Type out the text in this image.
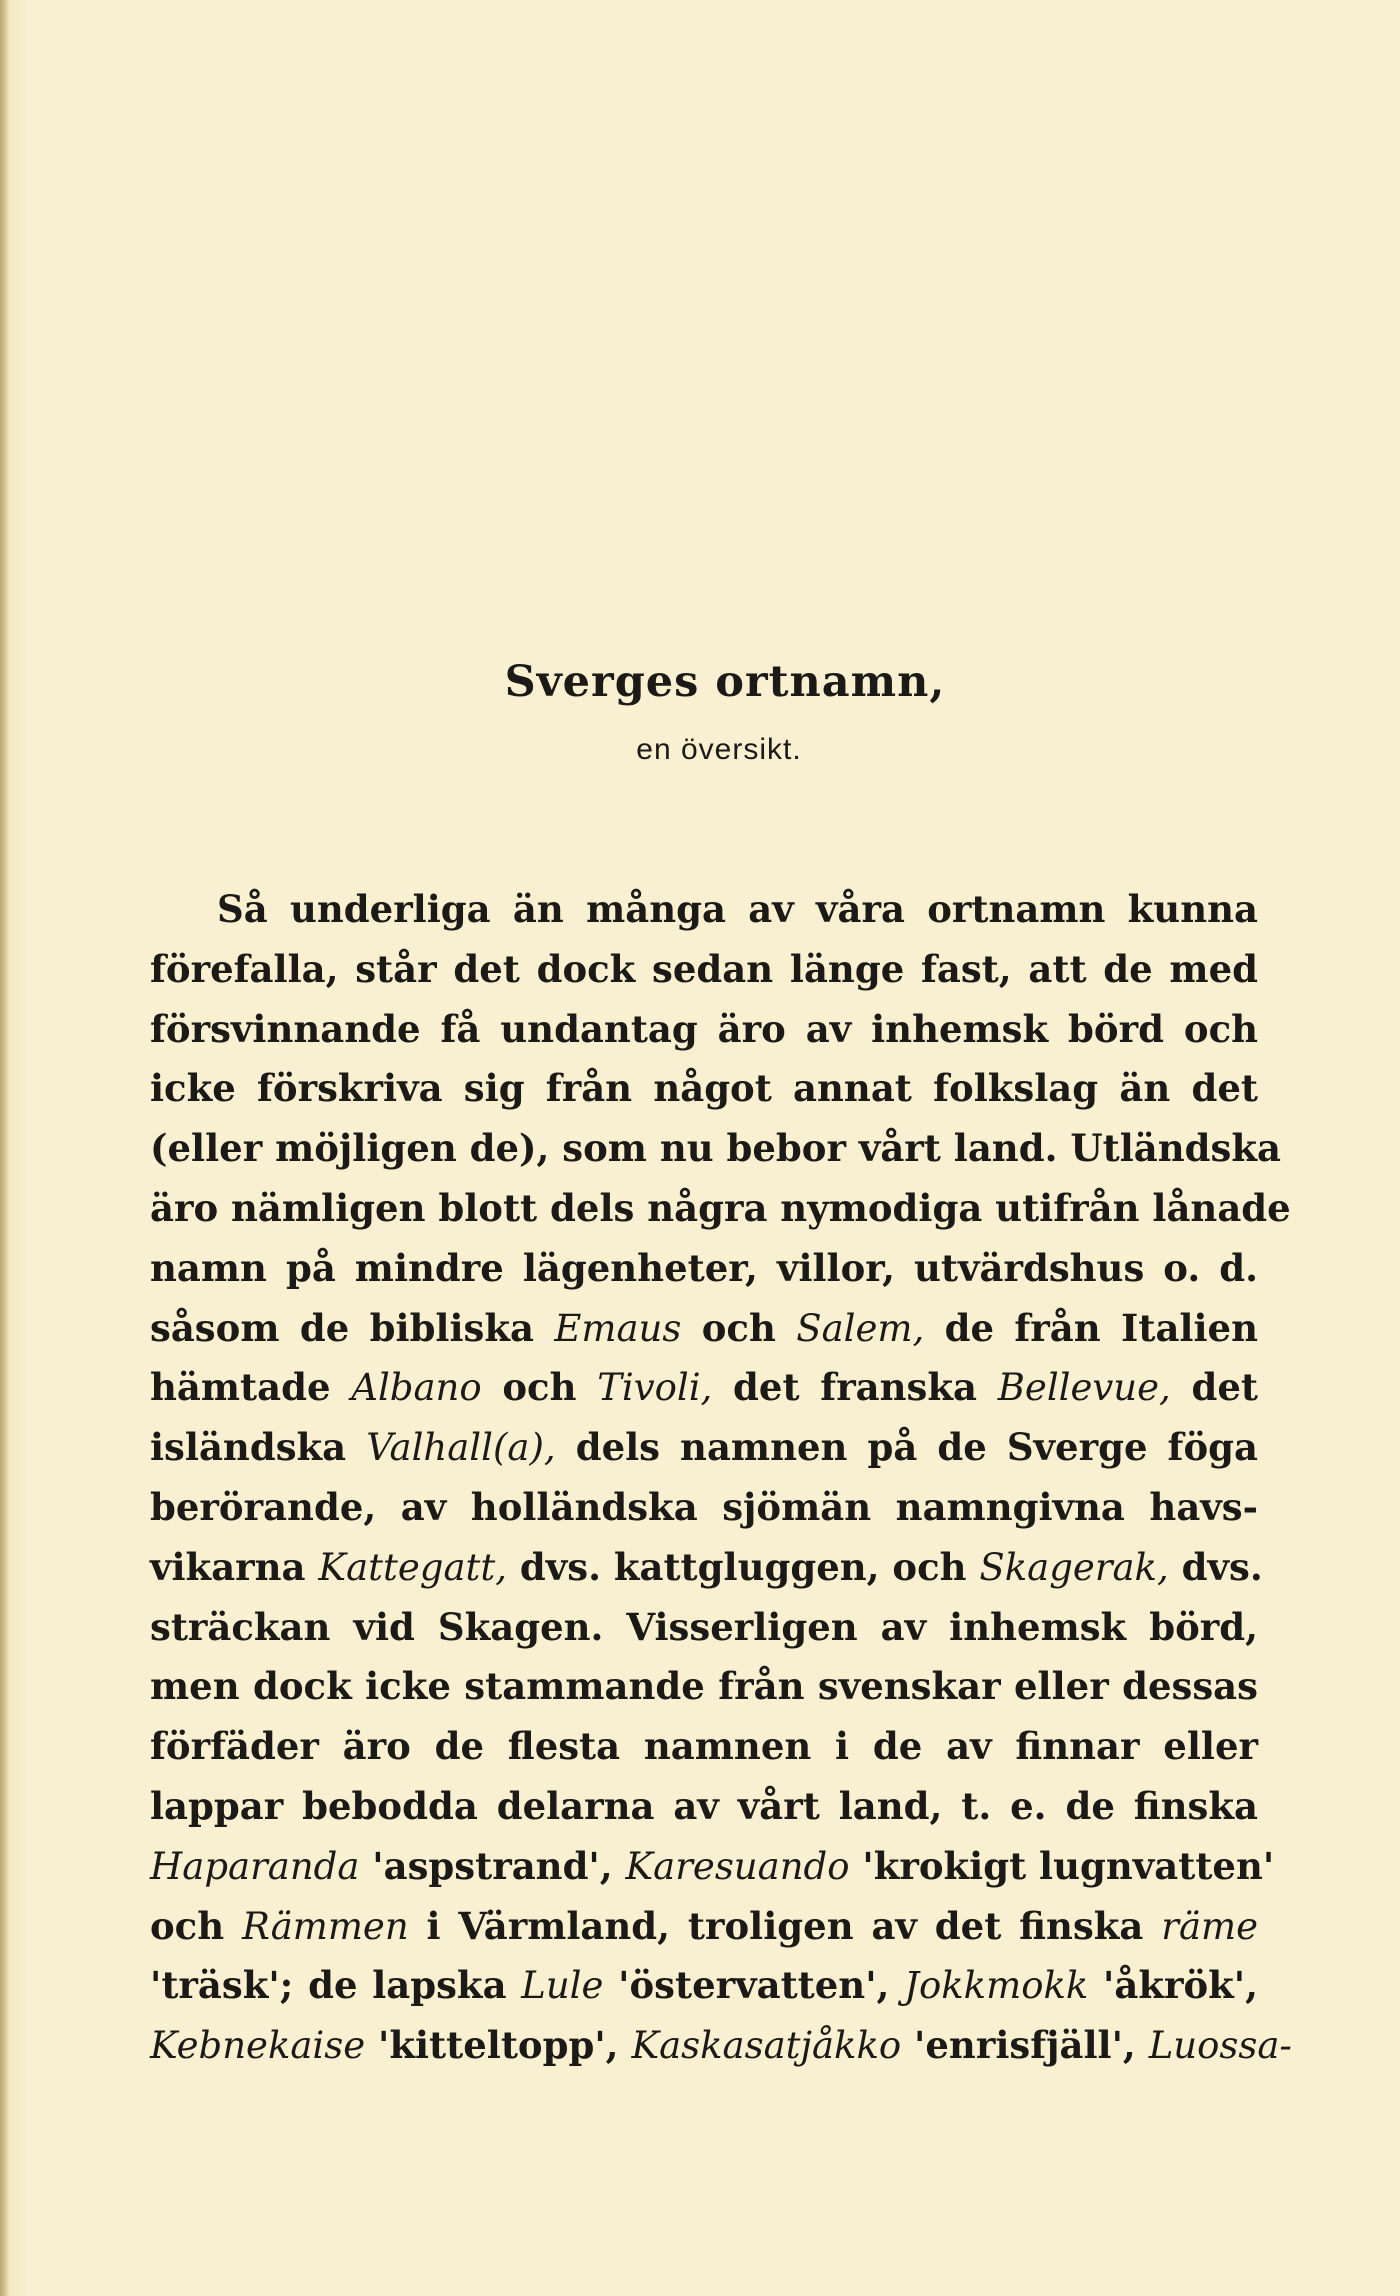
Sverges ortnamn,

en översikt.

Så underliga än många av våra ortnamn kunna
förefalla, står det dock sedan länge fast, att de med
försvinnande få undantag äro av inhemsk börd och
icke förskriva sig från något annat folkslag än det
(eller möjligen de), som nu bebor vårt land. Utländska
äro nämligen blott dels några nymodiga utifrån lånade
namn på mindre lägenheter, villor, utvärdshus o. d.
såsom de bibliska Emaus och Salem, de från Italien
hämtade Albano och Tivoli, det franska Bellevue, det
isländska Valhall(a), dels namnen på de Sverge föga
berörande, av holländska sjömän namngivna havs-
vikarna Kattegatt, dvs. kattgluggen, och Skagerak, dvs.
sträckan vid Skagen. Visserligen av inhemsk börd,
men dock icke stammande från svenskar eller dessas
förfäder äro de flesta namnen i de av finnar eller
lappar bebodda delarna av vårt land, t. e. de finska
Haparanda 'aspstrand', Karesuando 'krokigt lugnvatten'
och Rämmen i Värmland, troligen av det finska räme
'träsk'; de lapska Lule 'östervatten', Jokkmokk 'åkrök',
Kebnekaise 'kitteltopp', Kaskasatjåkko 'enrisfjäll', Luossa-
